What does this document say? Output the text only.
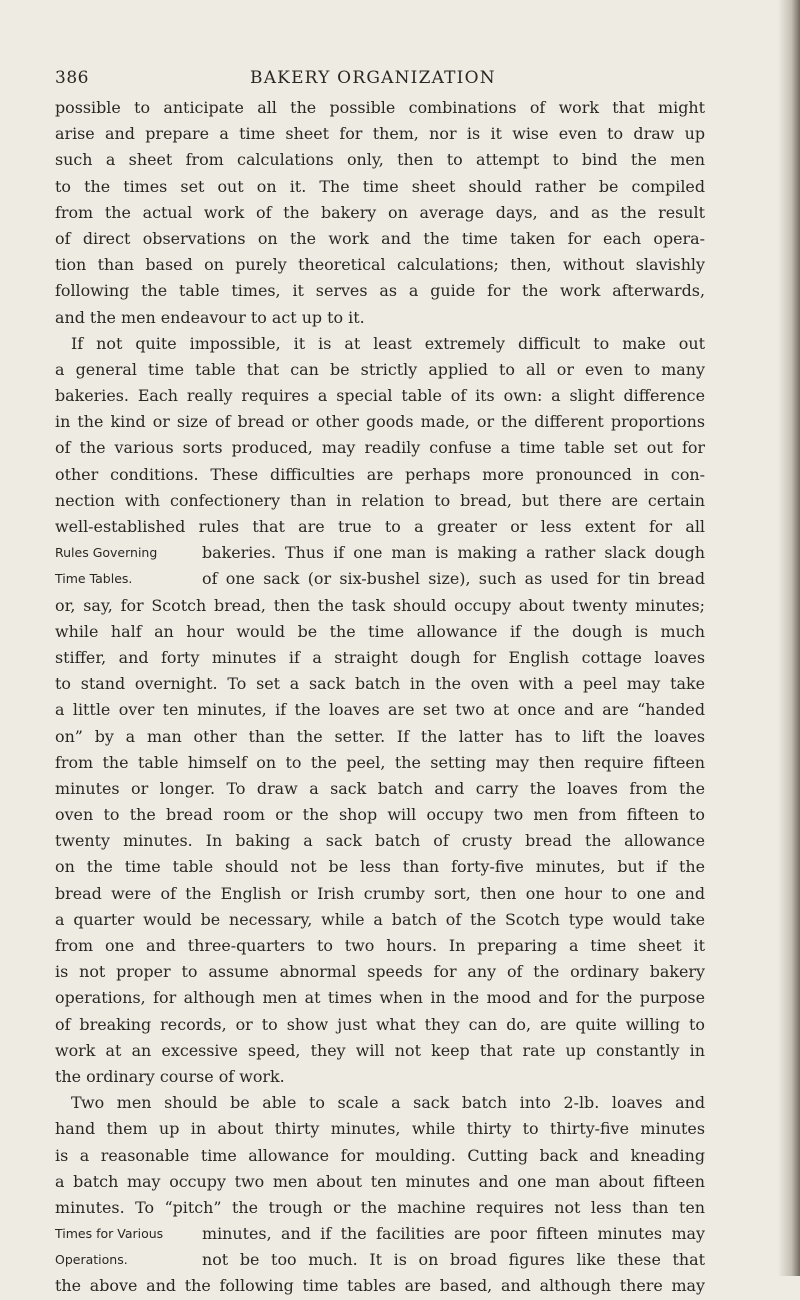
386	BAKERY ORGANIZATION
possible to anticipate all the possible combinations of work that might
arise and prepare a time sheet for them, nor is it wise even to draw up
such a sheet from calculations only, then to attempt to bind the men
to the times set out on it. The time sheet should rather be compiled
from the actual work of the bakery on average days, and as the result
of direct observations on the work and the time taken for each opera-
tion than based on purely theoretical calculations; then, without slavishly
following the table times, it serves as a guide for the work afterwards,
and the men endeavour to act up to it.
If not quite impossible, it is at least extremely difficult to make out
a general time table that can be strictly applied to all or even to many
bakeries. Each really requires a special table of its own: a slight difference
in the kind or size of bread or other goods made, or the different proportions
of the various sorts produced, may readily confuse a time table set out for
other conditions. These difficulties are perhaps more pronounced in con-
nection with confectionery than in relation to bread, but there are certain
well-established rules that are true to a greater or less extent for all
Rules Governing	bakeries. Thus if one man is making a rather slack dough
Time Tables.	of one sack (or six-bushel size), such as used for tin bread
or, say, for Scotch bread, then the task should occupy about twenty minutes;
while half an hour would be the time allowance if the dough is much
stiffer, and forty minutes if a straight dough for English cottage loaves
to stand overnight. To set a sack batch in the oven with a peel may take
a little over ten minutes, if the loaves are set two at once and are “handed
on” by a man other than the setter. If the latter has to lift the loaves
from the table himself on to the peel, the setting may then require fifteen
minutes or longer. To draw a sack batch and carry the loaves from the
oven to the bread room or the shop will occupy two men from fifteen to
twenty minutes. In baking a sack batch of crusty bread the allowance
on the time table should not be less than forty-five minutes, but if the
bread were of the English or Irish crumby sort, then one hour to one and
a quarter would be necessary, while a batch of the Scotch type would take
from one and three-quarters to two hours. In preparing a time sheet it
is not proper to assume abnormal speeds for any of the ordinary bakery
operations, for although men at times when in the mood and for the purpose
of breaking records, or to show just what they can do, are quite willing to
work at an excessive speed, they will not keep that rate up constantly in
the ordinary course of work.
Two men should be able to scale a sack batch into 2-lb. loaves and
hand them up in about thirty minutes, while thirty to thirty-five minutes
is a reasonable time allowance for moulding. Cutting back and kneading
a batch may occupy two men about ten minutes and one man about fifteen
minutes. To “pitch” the trough or the machine requires not less than ten
Times for Various minutes, and if the facilities are poor fifteen minutes may
Operations.	not be too much. It is on broad figures like these that
the above and the following time tables are based, and although there may
